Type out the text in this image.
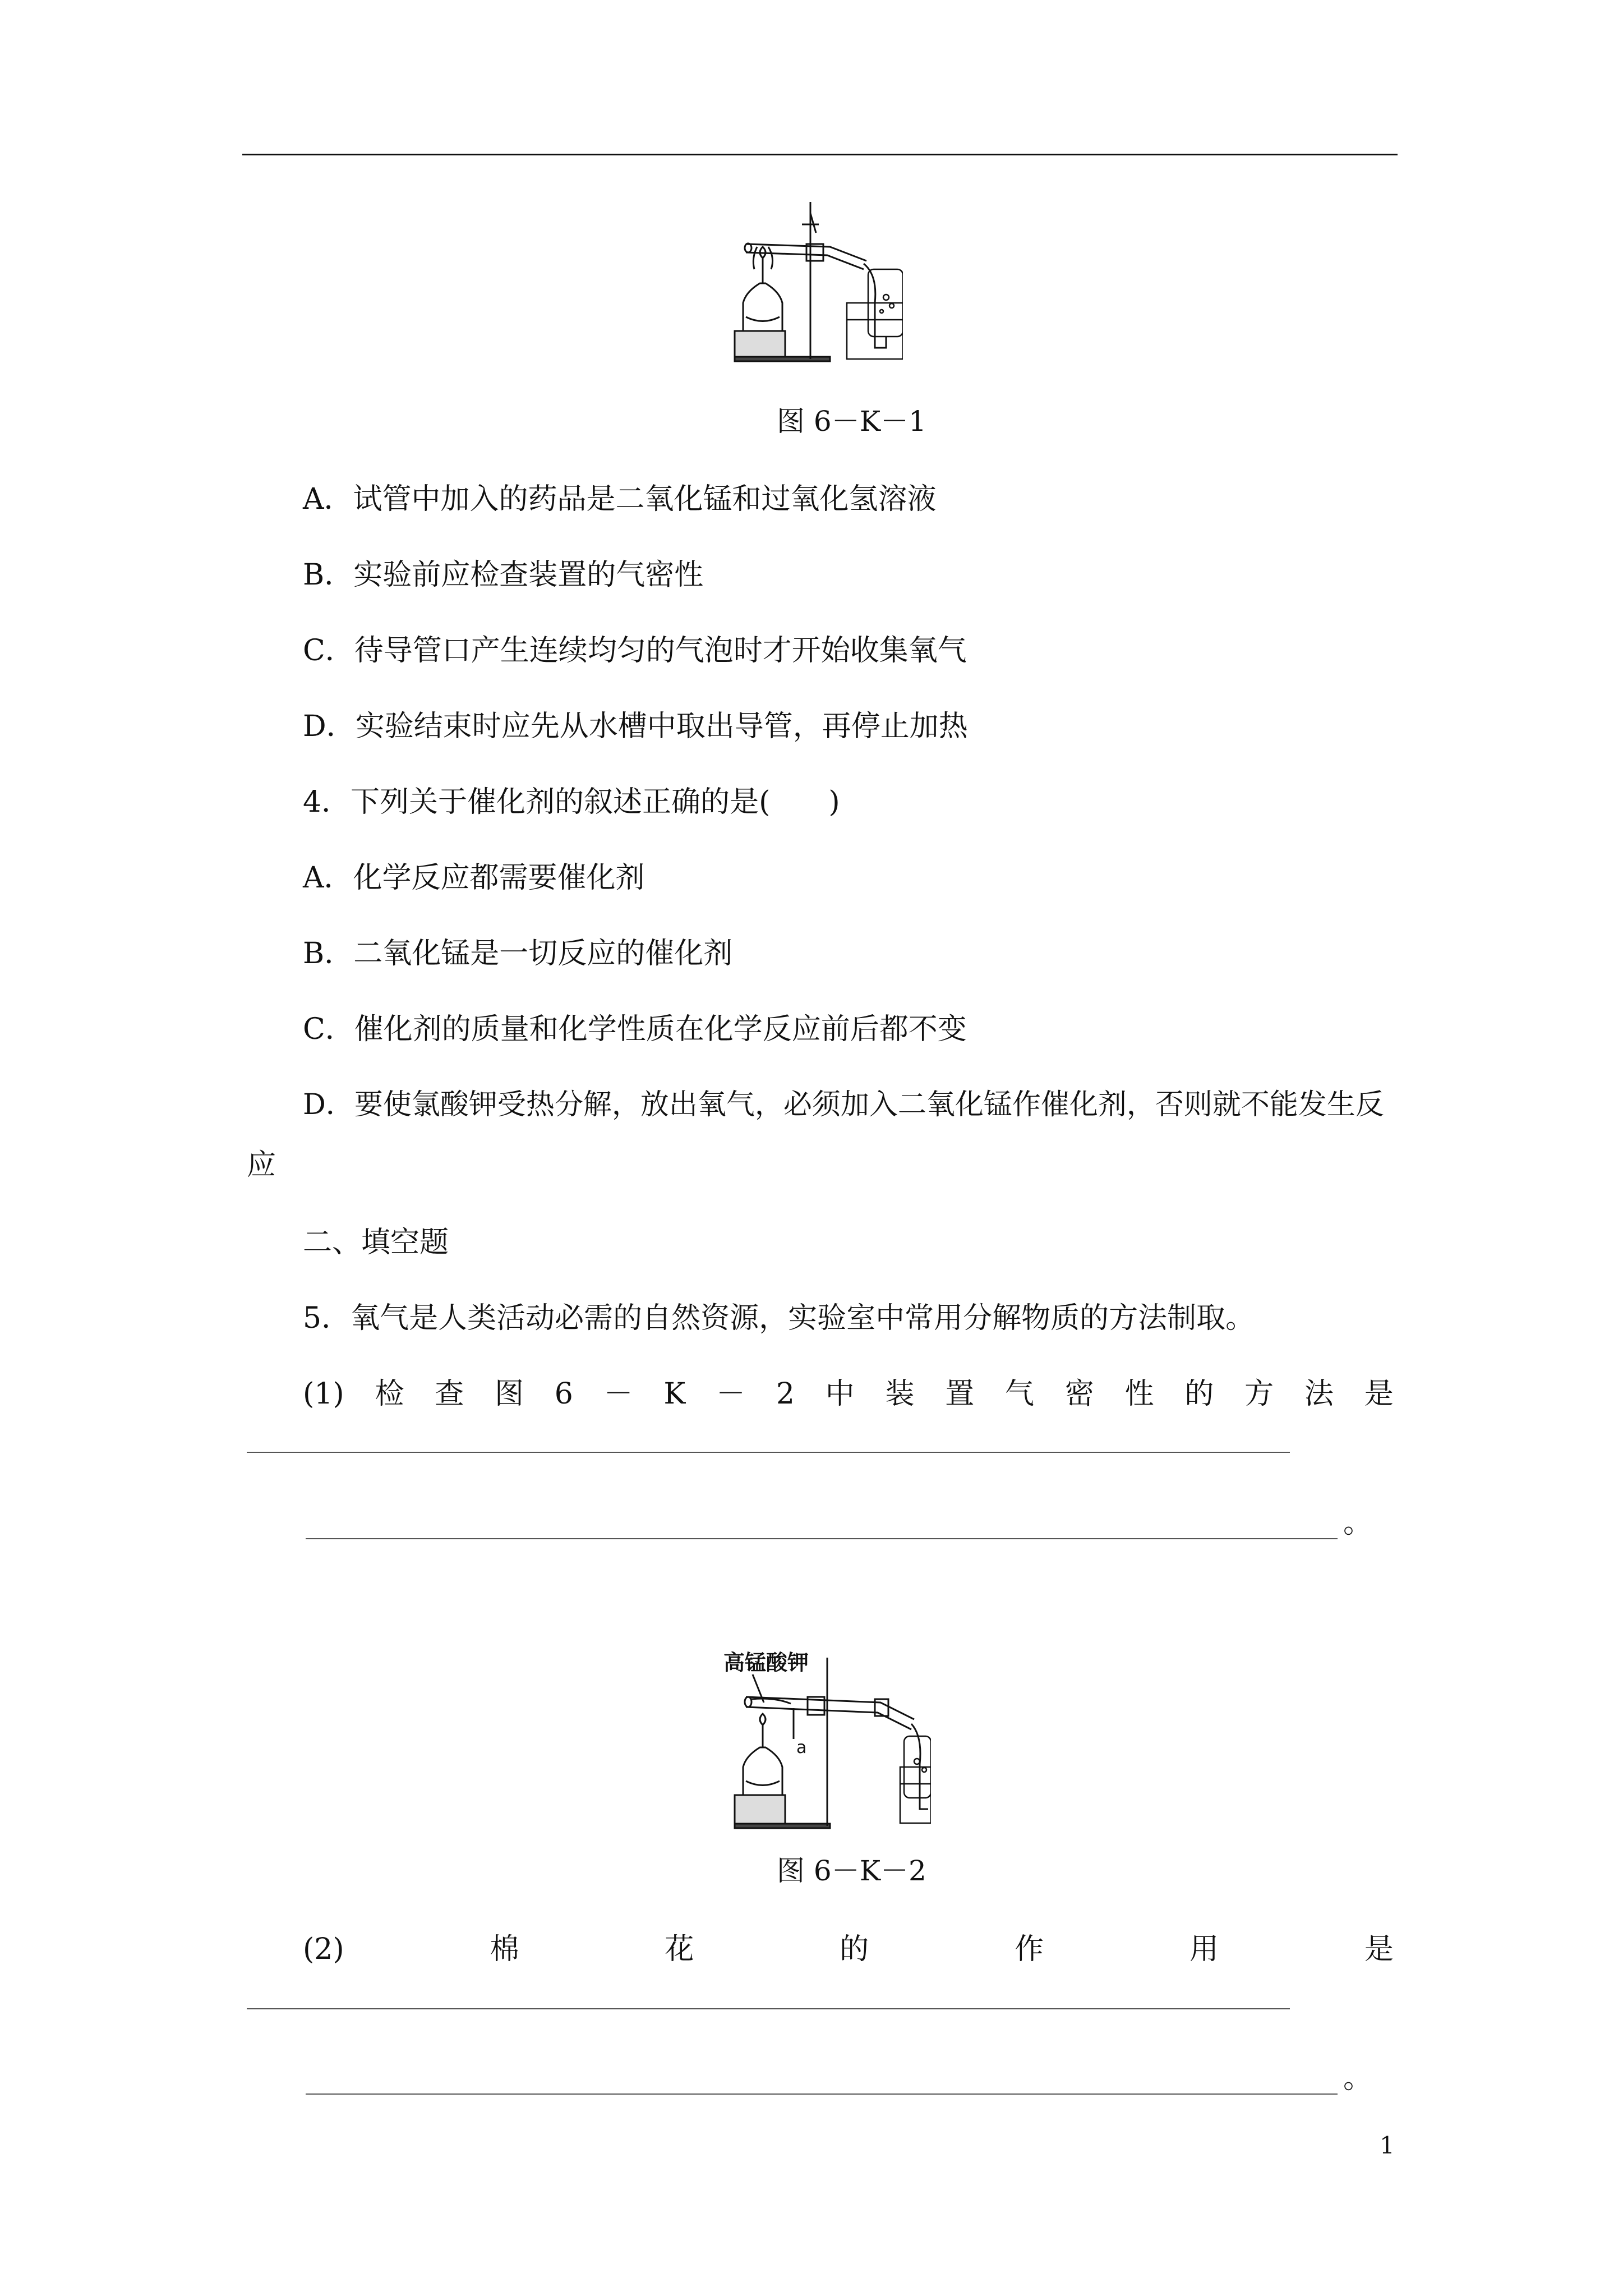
图 6－K－1
A．试管中加入的药品是二氧化锰和过氧化氢溶液
B．实验前应检查装置的气密性
C．待导管口产生连续均匀的气泡时才开始收集氧气
D．实验结束时应先从水槽中取出导管，再停止加热
4．下列关于催化剂的叙述正确的是(　　)
A．化学反应都需要催化剂
B．二氧化锰是一切反应的催化剂
C．催化剂的质量和化学性质在化学反应前后都不变
D．要使氯酸钾受热分解，放出氧气，必须加入二氧化锰作催化剂，否则就不能发生反
应
二、填空题
5．氧气是人类活动必需的自然资源，实验室中常用分解物质的方法制取。
(1) 检 查 图 6 － K － 2 中 装 置 气 密 性 的 方 法 是
。
高锰酸钾
a
图 6－K－2
(2)	棉	花	的	作	用	是
。
1
